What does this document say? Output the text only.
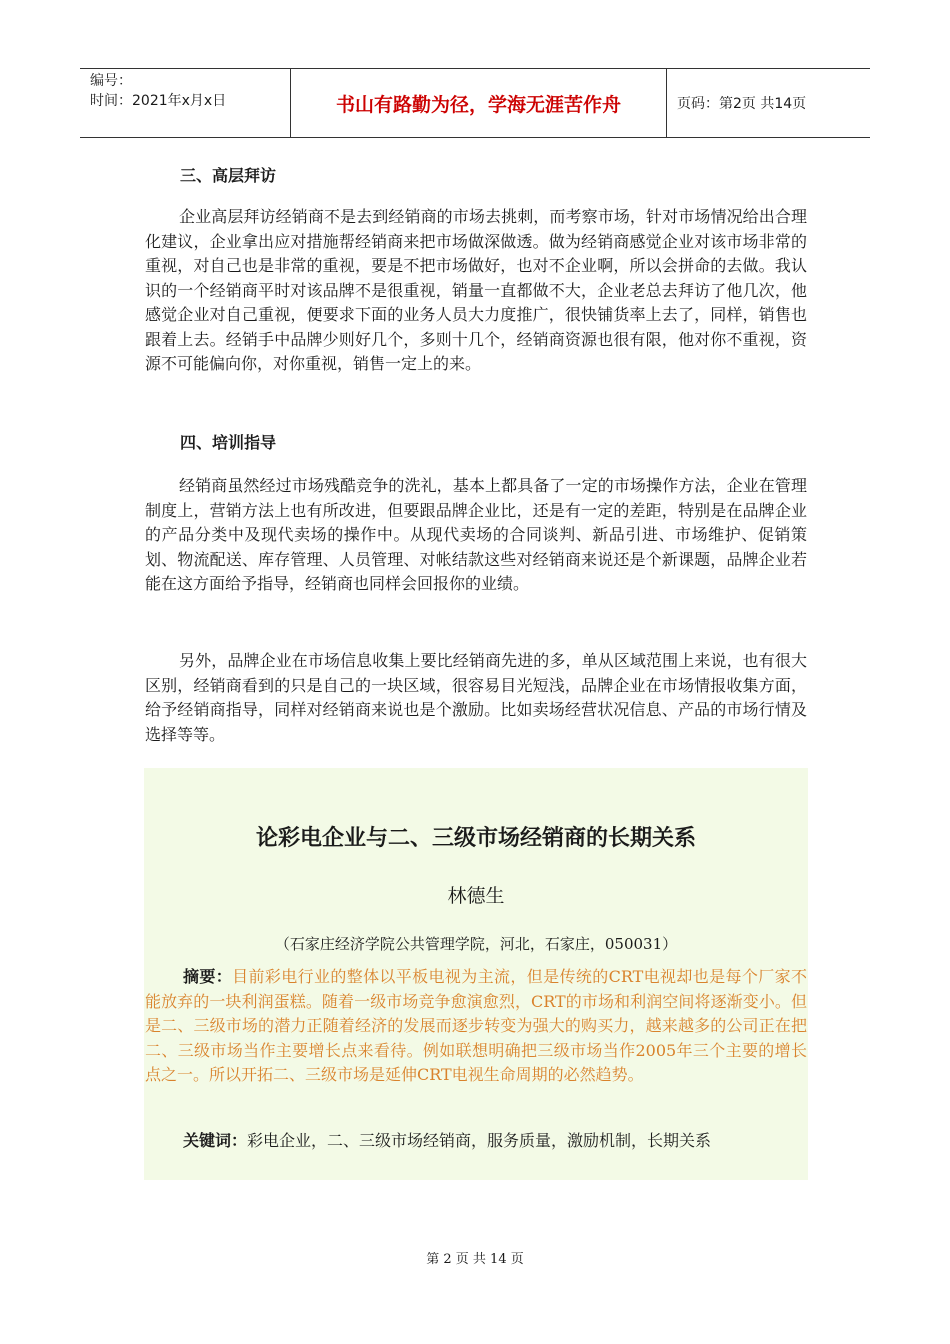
编号：
时间：2021年x月x日	书山有路勤为径，学海无涯苦作舟	页码：第2页 共14页
三、高层拜访

企业高层拜访经销商不是去到经销商的市场去挑刺，而考察市场，针对市场情况给出合理化建议，企业拿出应对措施帮经销商来把市场做深做透。做为经销商感觉企业对该市场非常的重视，对自己也是非常的重视，要是不把市场做好，也对不企业啊，所以会拼命的去做。我认识的一个经销商平时对该品牌不是很重视，销量一直都做不大，企业老总去拜访了他几次，他感觉企业对自己重视，便要求下面的业务人员大力度推广，很快铺货率上去了，同样，销售也跟着上去。经销手中品牌少则好几个，多则十几个，经销商资源也很有限，他对你不重视，资源不可能偏向你，对你重视，销售一定上的来。

四、培训指导

经销商虽然经过市场残酷竞争的洗礼，基本上都具备了一定的市场操作方法，企业在管理制度上，营销方法上也有所改进，但要跟品牌企业比，还是有一定的差距，特别是在品牌企业的产品分类中及现代卖场的操作中。从现代卖场的合同谈判、新品引进、市场维护、促销策划、物流配送、库存管理、人员管理、对帐结款这些对经销商来说还是个新课题，品牌企业若能在这方面给予指导，经销商也同样会回报你的业绩。

另外，品牌企业在市场信息收集上要比经销商先进的多，单从区域范围上来说，也有很大区别，经销商看到的只是自己的一块区域，很容易目光短浅，品牌企业在市场情报收集方面，给予经销商指导，同样对经销商来说也是个激励。比如卖场经营状况信息、产品的市场行情及选择等等。

论彩电企业与二、三级市场经销商的长期关系
林德生
（石家庄经济学院公共管理学院，河北，石家庄，050031）

摘要：目前彩电行业的整体以平板电视为主流，但是传统的CRT电视却也是每个厂家不能放弃的一块利润蛋糕。随着一级市场竞争愈演愈烈，CRT的市场和利润空间将逐渐变小。但是二、三级市场的潜力正随着经济的发展而逐步转变为强大的购买力，越来越多的公司正在把二、三级市场当作主要增长点来看待。例如联想明确把三级市场当作2005年三个主要的增长点之一。所以开拓二、三级市场是延伸CRT电视生命周期的必然趋势。

关键词：彩电企业，二、三级市场经销商，服务质量，激励机制，长期关系

第 2 页 共 14 页
